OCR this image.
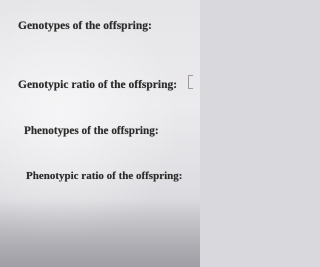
Genotypes of the offspring:

Genotypic ratio of the offspring:

Phenotypes of the offspring:

Phenotypic ratio of the offspring:
